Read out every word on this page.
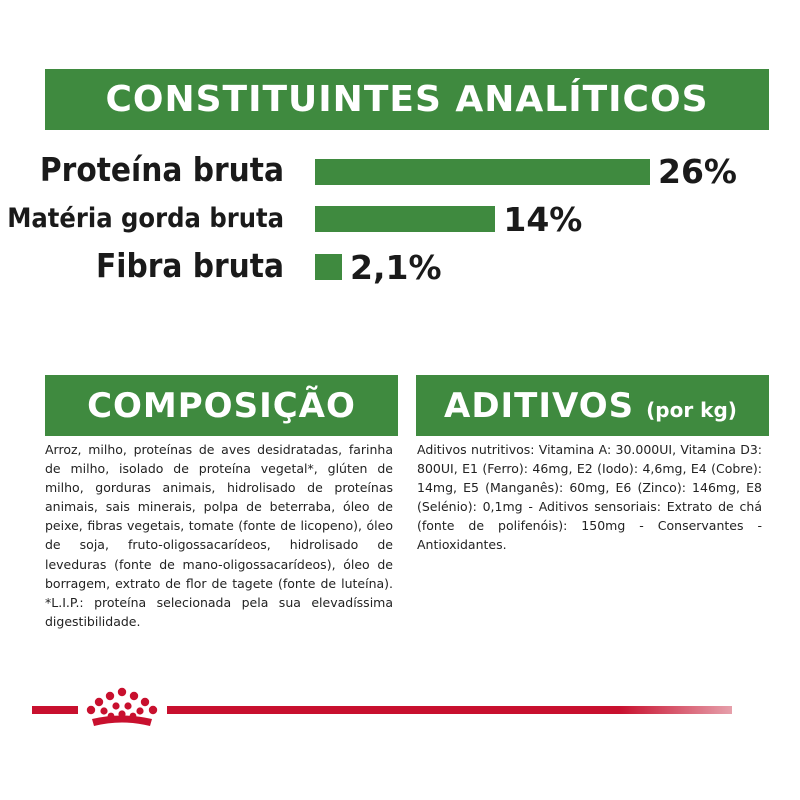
CONSTITUINTES ANALÍTICOS
Proteína bruta	26%
Matéria gorda bruta	14%
Fibra bruta 2,1%
COMPOSIÇÃO

Arroz, milho, proteínas de aves desidratadas, farinha de milho, isolado de proteína vegetal*, glúten de milho, gorduras animais, hidrolisado de proteínas animais, sais minerais, polpa de beterraba, óleo de peixe, fibras vegetais, tomate (fonte de licopeno), óleo de soja, fruto-oligossacarídeos, hidrolisado de leveduras (fonte de mano-oligossacarídeos), óleo de borragem, extrato de flor de tagete (fonte de luteína). *L.I.P.: proteína selecionada pela sua elevadíssima digestibilidade.

ADITIVOS (por kg)

Aditivos nutritivos: Vitamina A: 30.000UI, Vitamina D3: 800UI, E1 (Ferro): 46mg, E2 (Iodo): 4,6mg, E4 (Cobre): 14mg, E5 (Manganês): 60mg, E6 (Zinco): 146mg, E8 (Selénio): 0,1mg - Aditivos sensoriais: Extrato de chá (fonte de polifenóis): 150mg - Conservantes - Antioxidantes.
